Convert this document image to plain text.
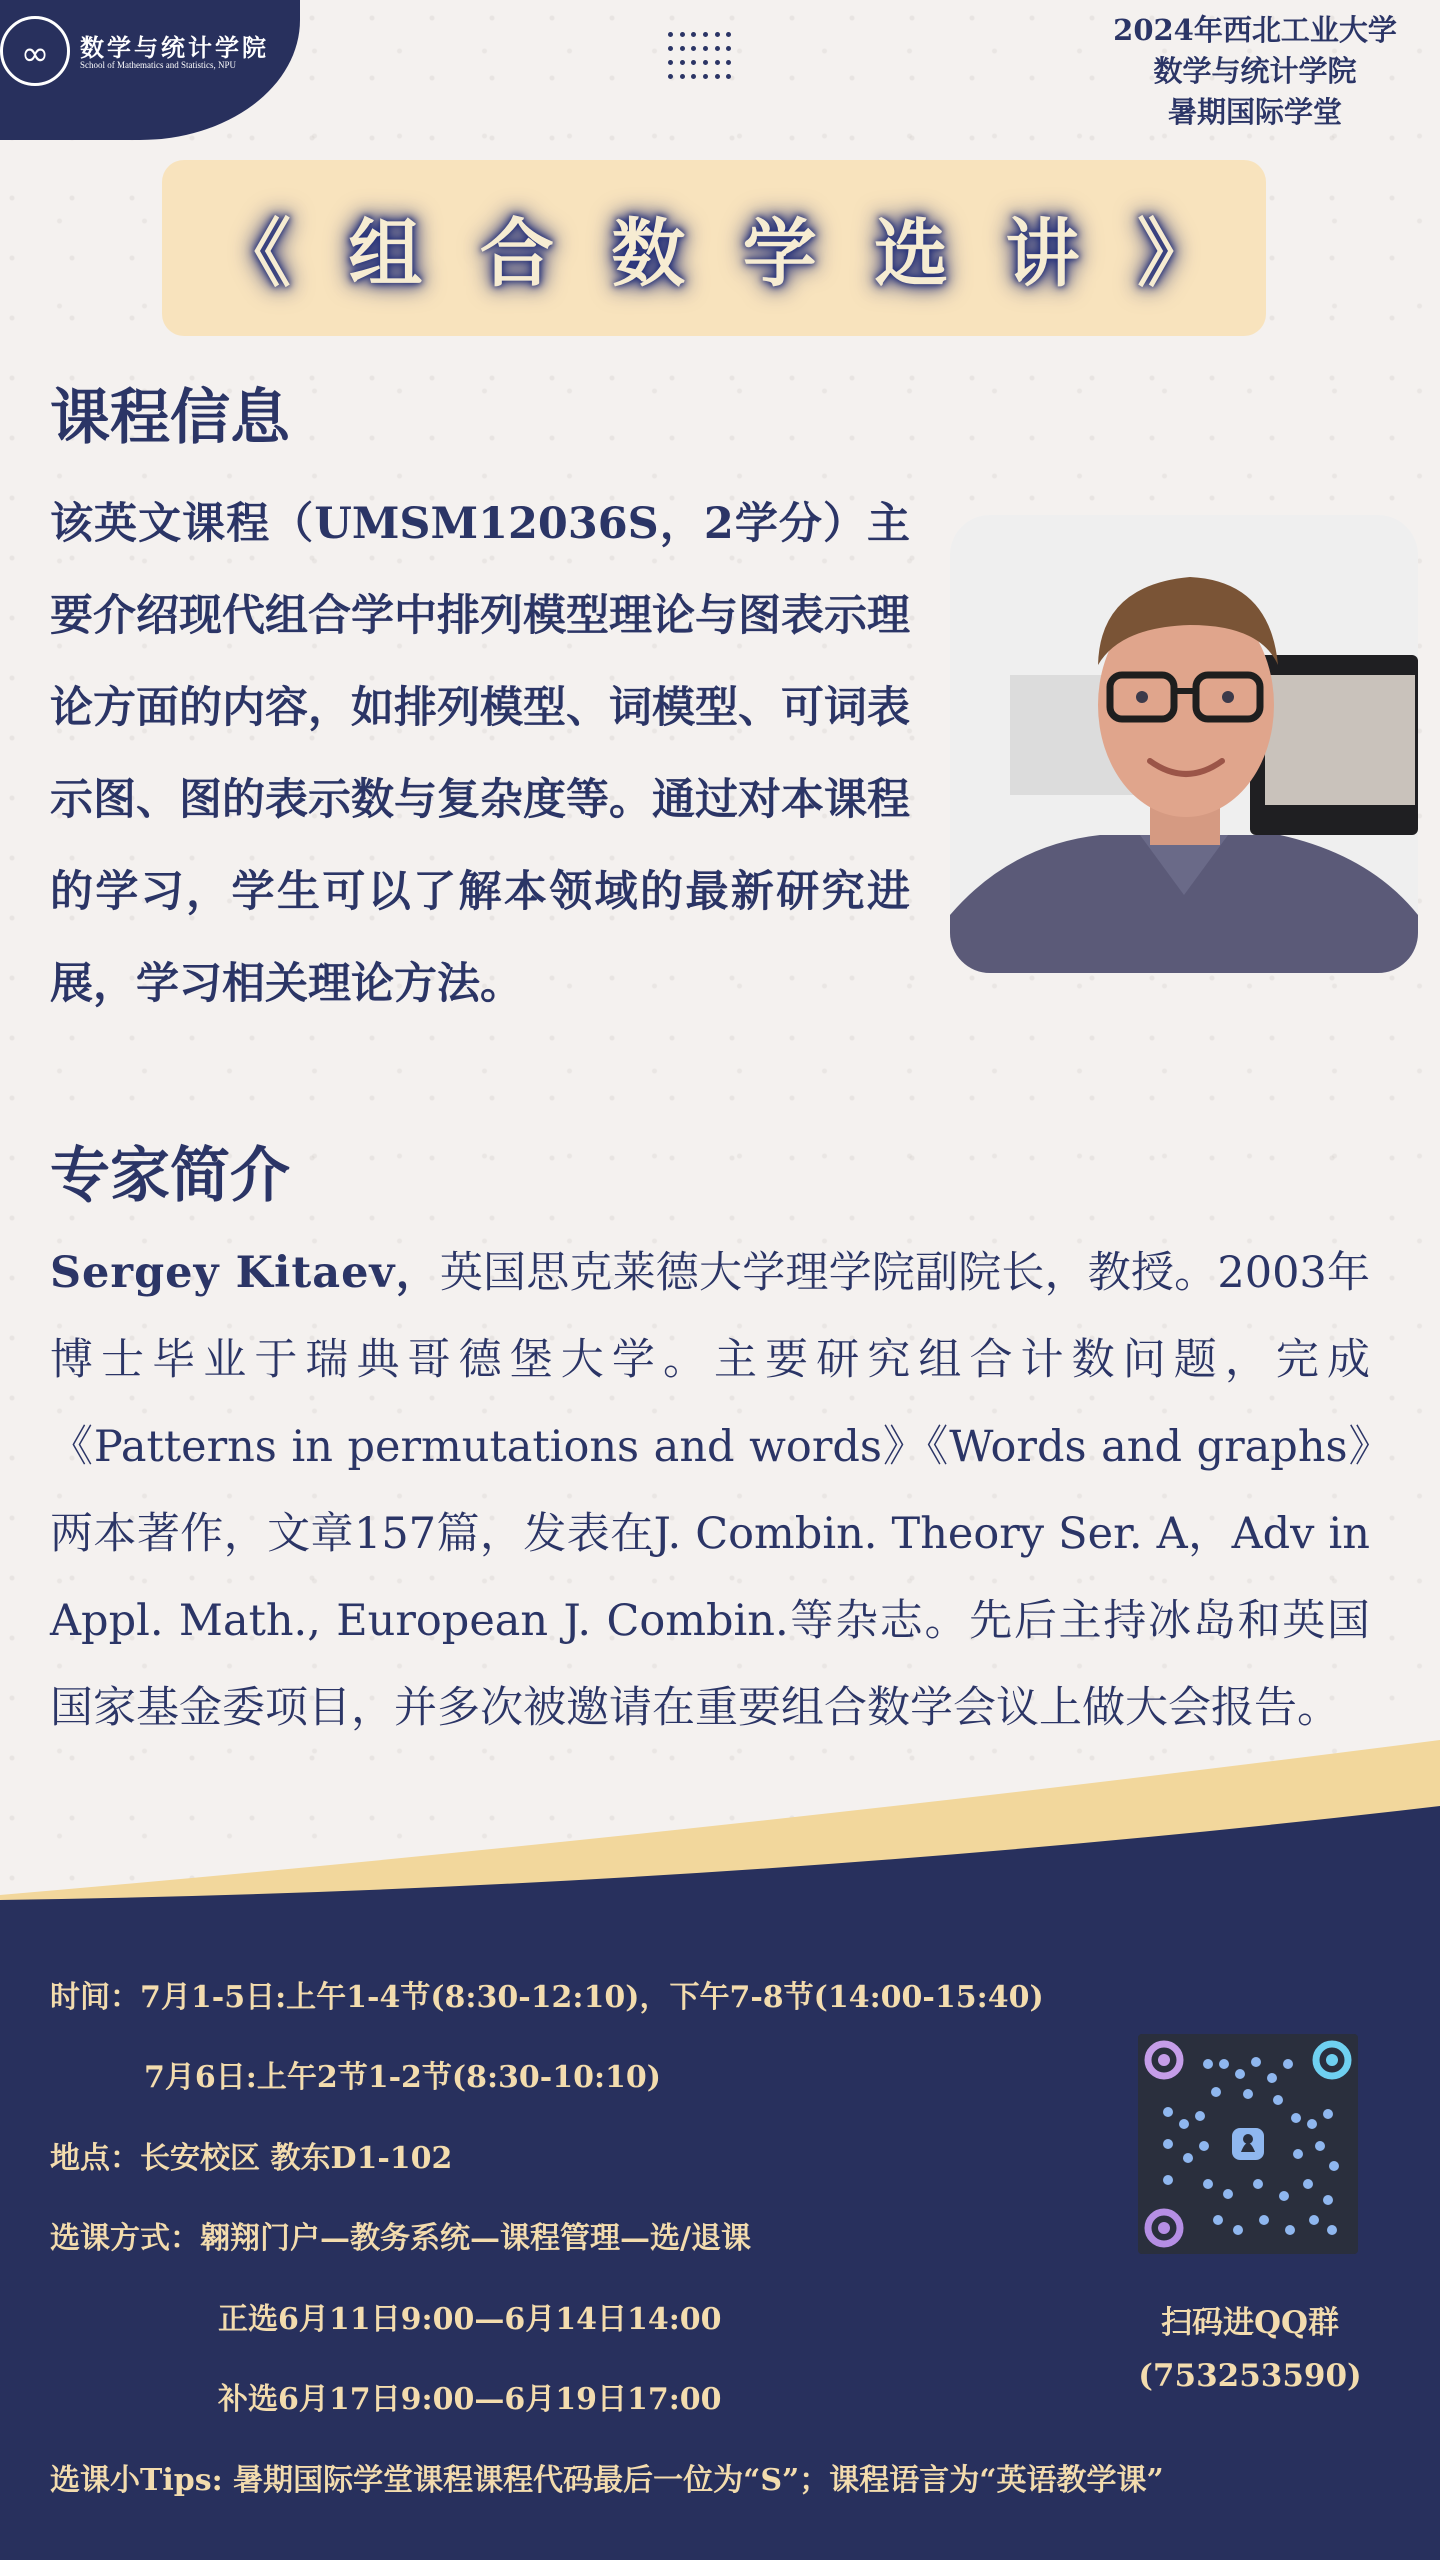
∞	数学与统计学院
School of Mathematics and Statistics, NPU
2024年西北工业大学
数学与统计学院
暑期国际学堂
《 组 合 数 学 选 讲 》
课程信息
该英文课程（UMSM12036S，2学分）主要介绍现代组合学中排列模型理论与图表示理论方面的内容，如排列模型、词模型、可词表示图、图的表示数与复杂度等。通过对本课程的学习，学生可以了解本领域的最新研究进展，学习相关理论方法。
专家简介
Sergey Kitaev，英国思克莱德大学理学院副院长，教授。2003年博士毕业于瑞典哥德堡大学。主要研究组合计数问题，完成《Patterns in permutations and words》《Words and graphs》两本著作，文章157篇，发表在J. Combin. Theory Ser. A，Adv in Appl. Math., European J. Combin.等杂志。先后主持冰岛和英国国家基金委项目，并多次被邀请在重要组合数学会议上做大会报告。
时间：7月1-5日:上午1-4节(8:30-12:10)，下午7-8节(14:00-15:40)
7月6日:上午2节1-2节(8:30-10:10)
地点：长安校区 教东D1-102
选课方式：翱翔门户—教务系统—课程管理—选/退课
正选6月11日9:00—6月14日14:00
补选6月17日9:00—6月19日17:00
选课小Tips: 暑期国际学堂课程课程代码最后一位为“S”；课程语言为“英语教学课”
扫码进QQ群
(753253590)
